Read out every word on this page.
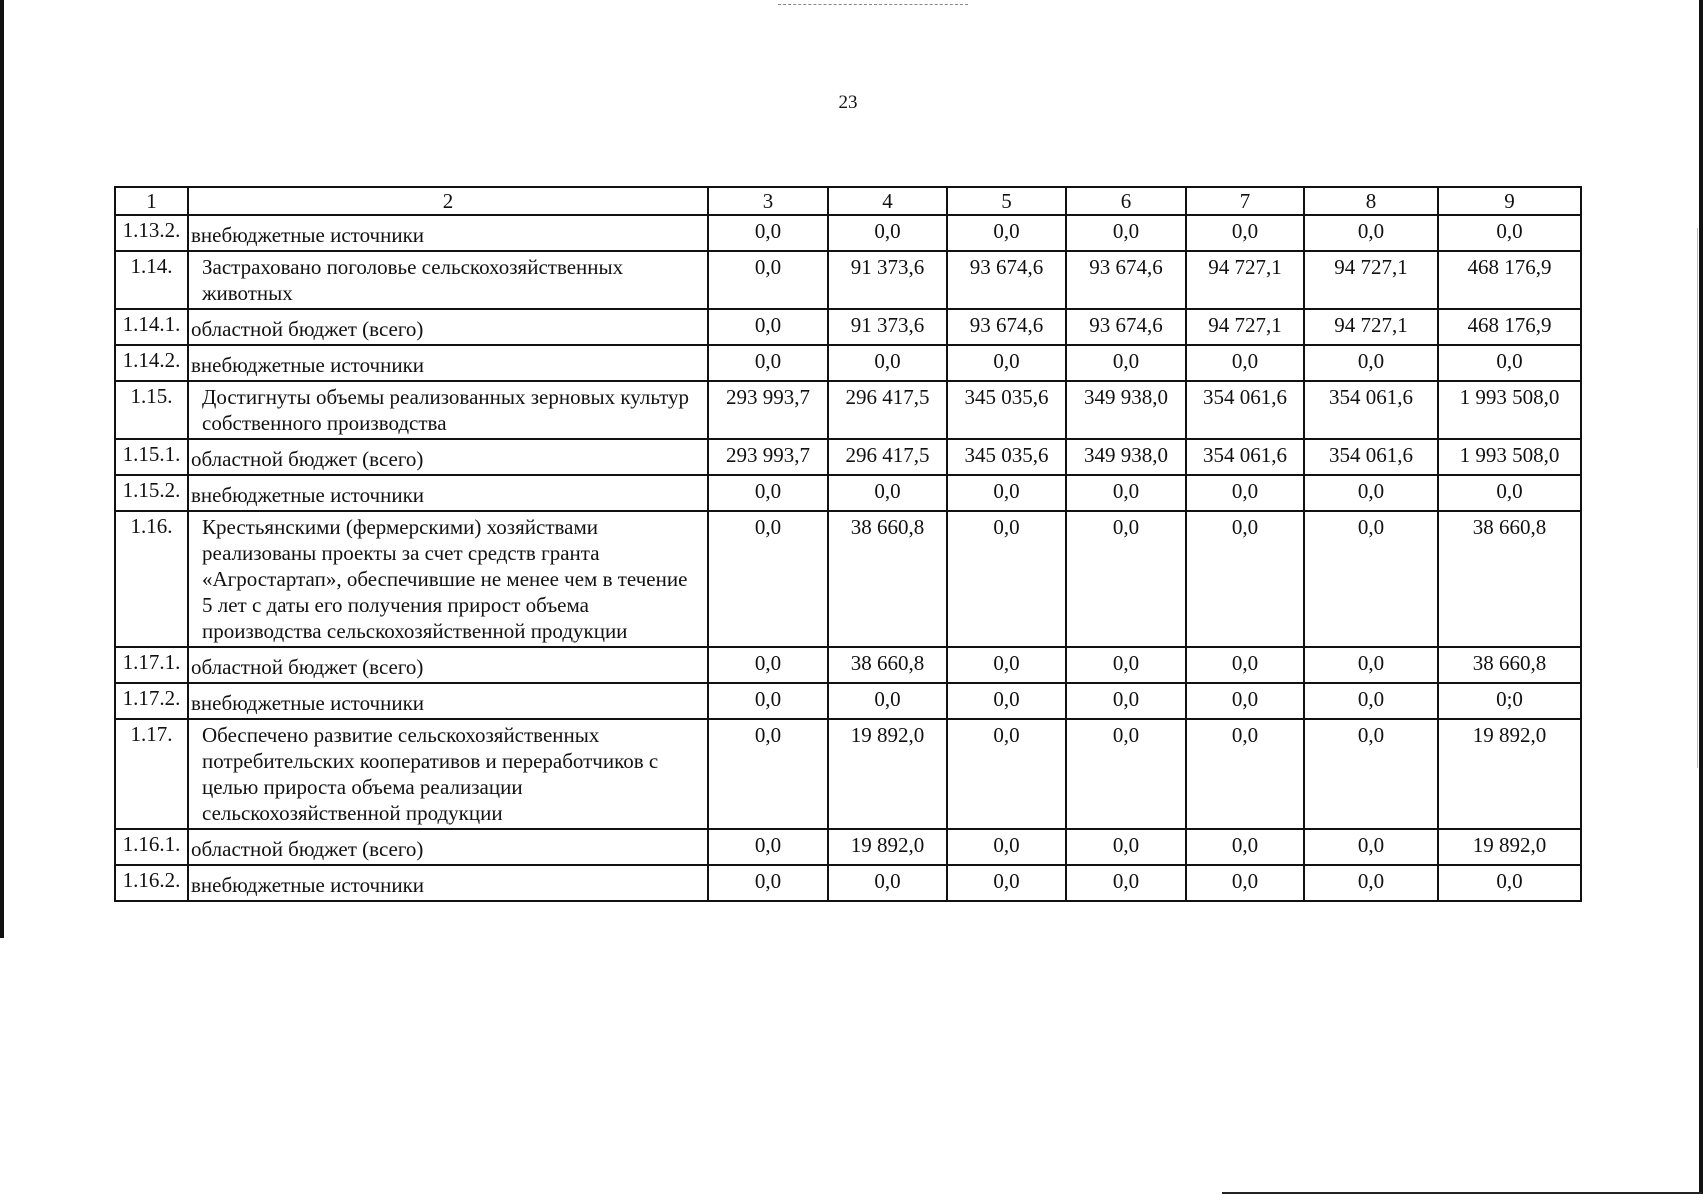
23
1	2	3	4	5	6	7	8	9
1.13.2.	внебюджетные источники	0,0	0,0	0,0	0,0	0,0	0,0	0,0
1.14.	Застраховано поголовье сельскохозяйственных животных	0,0	91 373,6	93 674,6	93 674,6	94 727,1	94 727,1	468 176,9
1.14.1.	областной бюджет (всего)	0,0	91 373,6	93 674,6	93 674,6	94 727,1	94 727,1	468 176,9
1.14.2.	внебюджетные источники	0,0	0,0	0,0	0,0	0,0	0,0	0,0
1.15.	Достигнуты объемы реализованных зерновых культур собственного производства	293 993,7	296 417,5	345 035,6	349 938,0	354 061,6	354 061,6	1 993 508,0
1.15.1.	областной бюджет (всего)	293 993,7	296 417,5	345 035,6	349 938,0	354 061,6	354 061,6	1 993 508,0
1.15.2.	внебюджетные источники	0,0	0,0	0,0	0,0	0,0	0,0	0,0
1.16.	Крестьянскими (фермерскими) хозяйствами реализованы проекты за счет средств гранта «Агростартап», обеспечившие не менее чем в течение 5 лет с даты его получения прирост объема производства сельскохозяйственной продукции	0,0	38 660,8	0,0	0,0	0,0	0,0	38 660,8
1.17.1.	областной бюджет (всего)	0,0	38 660,8	0,0	0,0	0,0	0,0	38 660,8
1.17.2.	внебюджетные источники	0,0	0,0	0,0	0,0	0,0	0,0	0;0
1.17.	Обеспечено развитие сельскохозяйственных потребительских кооперативов и переработчиков с целью прироста объема реализации сельскохозяйственной продукции	0,0	19 892,0	0,0	0,0	0,0	0,0	19 892,0
1.16.1.	областной бюджет (всего)	0,0	19 892,0	0,0	0,0	0,0	0,0	19 892,0
1.16.2.	внебюджетные источники	0,0	0,0	0,0	0,0	0,0	0,0	0,0
